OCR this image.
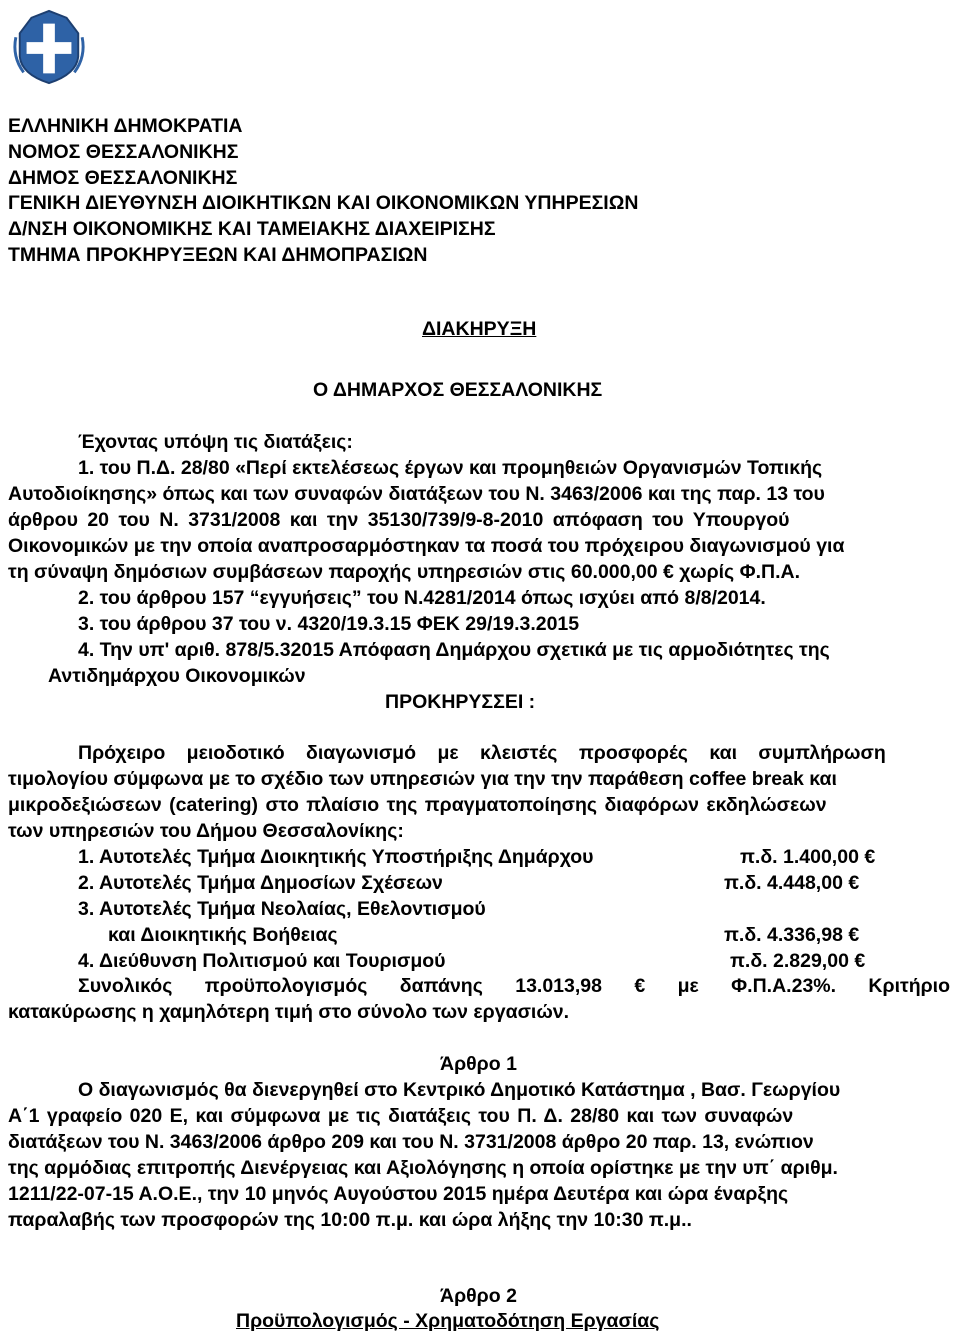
ΕΛΛΗΝΙΚΗ ΔΗΜΟΚΡΑΤΙΑ
ΝΟΜΟΣ ΘΕΣΣΑΛΟΝΙΚΗΣ
ΔΗΜΟΣ ΘΕΣΣΑΛΟΝΙΚΗΣ
ΓΕΝΙΚΗ ΔΙΕΥΘΥΝΣΗ ΔΙΟΙΚΗΤΙΚΩΝ ΚΑΙ ΟΙΚΟΝΟΜΙΚΩΝ ΥΠΗΡΕΣΙΩΝ
Δ/ΝΣΗ ΟΙΚΟΝΟΜΙΚΗΣ ΚΑΙ ΤΑΜΕΙΑΚΗΣ ΔΙΑΧΕΙΡΙΣΗΣ
ΤΜΗΜΑ ΠΡΟΚΗΡΥΞΕΩΝ ΚΑΙ ΔΗΜΟΠΡΑΣΙΩΝ
ΔΙΑΚΗΡΥΞΗ
Ο ΔΗΜΑΡΧΟΣ ΘΕΣΣΑΛΟΝΙΚΗΣ
Έχοντας υπόψη τις διατάξεις:
1. του Π.Δ. 28/80 «Περί εκτελέσεως έργων και προμηθειών Οργανισμών Τοπικής
Αυτοδιοίκησης» όπως και των συναφών διατάξεων του Ν. 3463/2006 και της παρ. 13 του
άρθρου 20 του Ν. 3731/2008 και την 35130/739/9-8-2010 απόφαση του Υπουργού
Οικονομικών με την οποία αναπροσαρμόστηκαν τα ποσά του πρόχειρου διαγωνισμού για
τη σύναψη δημόσιων συμβάσεων παροχής υπηρεσιών στις 60.000,00 € χωρίς Φ.Π.Α.
2. του άρθρου 157 “εγγυήσεις” του Ν.4281/2014 όπως ισχύει από 8/8/2014.
3. του άρθρου 37 του ν. 4320/19.3.15 ΦΕΚ 29/19.3.2015
4. Την υπ' αριθ. 878/5.32015 Απόφαση Δημάρχου σχετικά με τις αρμοδιότητες της
Αντιδημάρχου Οικονομικών
ΠΡΟΚΗΡΥΣΣΕΙ :
Πρόχειρο μειοδοτικό διαγωνισμό με κλειστές προσφορές και συμπλήρωση
τιμολογίου σύμφωνα με το σχέδιο των υπηρεσιών για την την παράθεση coffee break και
μικροδεξιώσεων (catering) στο πλαίσιο της πραγματοποίησης διαφόρων εκδηλώσεων
των υπηρεσιών του Δήμου Θεσσαλονίκης:
1. Αυτοτελές Τμήμα Διοικητικής Υποστήριξης Δημάρχου	π.δ. 1.400,00 €
2. Αυτοτελές Τμήμα Δημοσίων Σχέσεων	π.δ. 4.448,00 €
3. Αυτοτελές Τμήμα Νεολαίας, Εθελοντισμού
και Διοικητικής Βοήθειας	π.δ. 4.336,98 €
4. Διεύθυνση Πολιτισμού και Τουρισμού	π.δ. 2.829,00 €
Συνολικός προϋπολογισμός δαπάνης 13.013,98 € με Φ.Π.Α.23%. Κριτήριο
κατακύρωσης η χαμηλότερη τιμή στο σύνολο των εργασιών.
Άρθρο 1
Ο διαγωνισμός θα διενεργηθεί στο Κεντρικό Δημοτικό Κατάστημα , Βασ. Γεωργίου
Α΄1 γραφείο 020 Ε, και σύμφωνα με τις διατάξεις του Π. Δ. 28/80 και των συναφών
διατάξεων του Ν. 3463/2006 άρθρο 209 και του Ν. 3731/2008 άρθρο 20 παρ. 13, ενώπιον
της αρμόδιας επιτροπής Διενέργειας και Αξιολόγησης η οποία ορίστηκε με την υπ΄ αριθμ.
1211/22-07-15 Α.Ο.Ε., την 10 μηνός Αυγούστου 2015 ημέρα Δευτέρα και ώρα έναρξης
παραλαβής των προσφορών της 10:00 π.μ. και ώρα λήξης την 10:30 π.μ..
Άρθρο 2
Προϋπολογισμός - Χρηματοδότηση Εργασίας
